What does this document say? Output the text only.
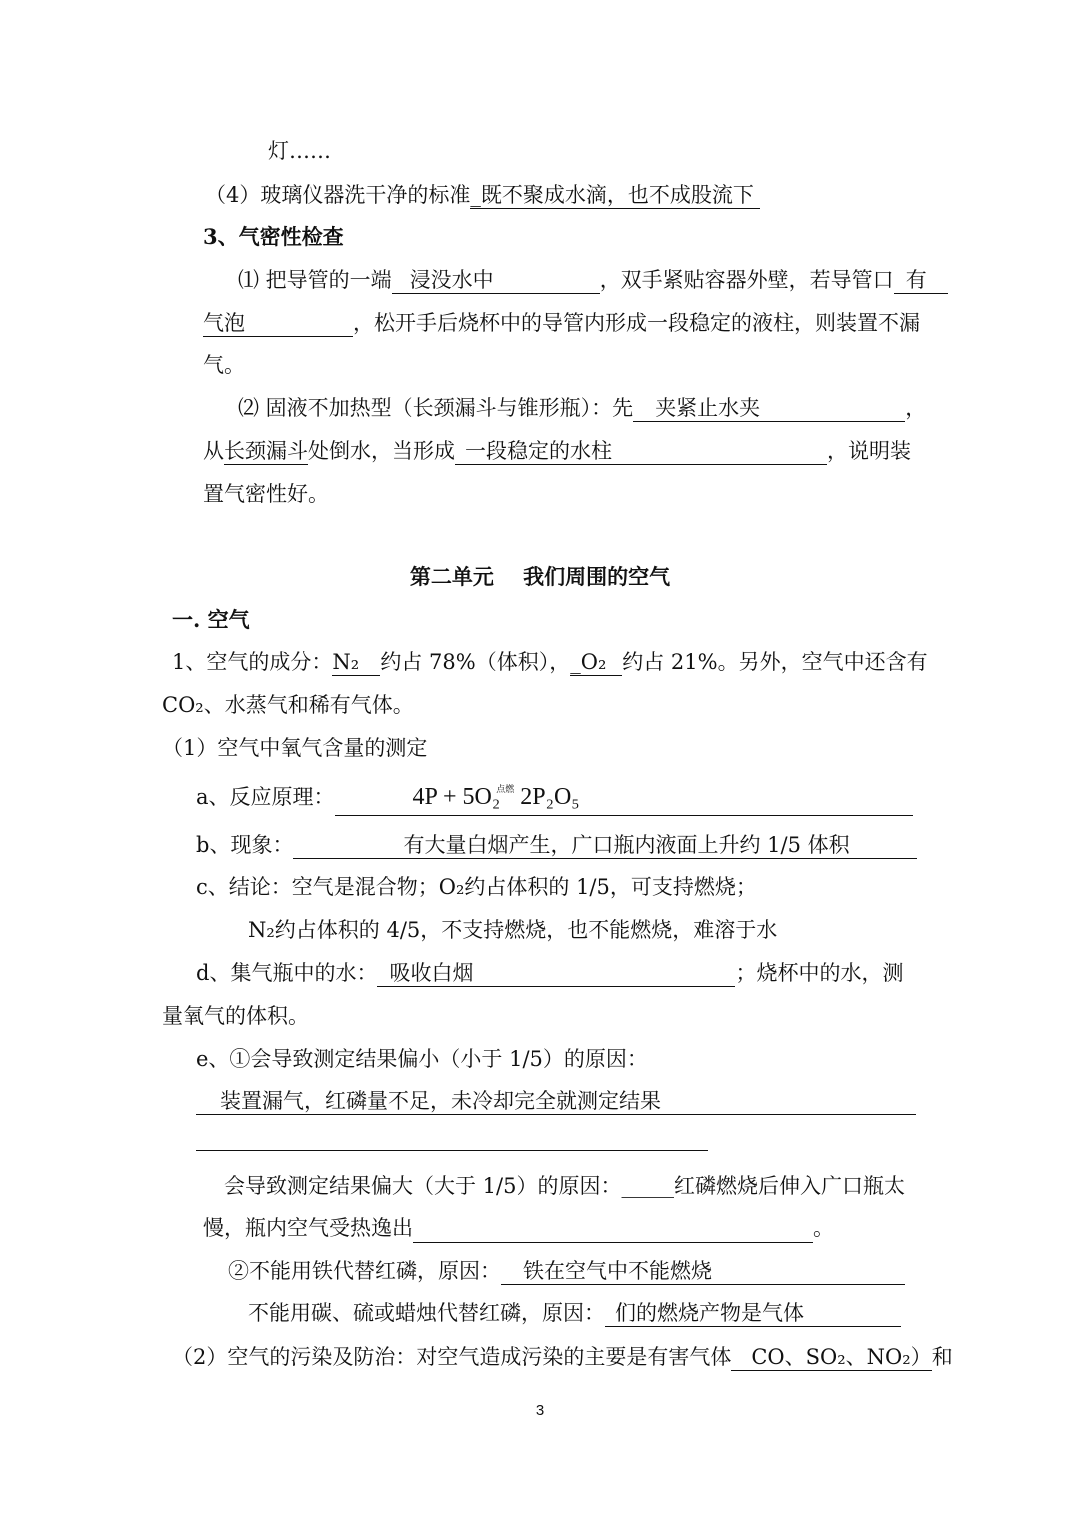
灯……
（4）玻璃仪器洗干净的标准_既不聚成水滴，也不成股流下
3、气密性检查
⑴ 把导管的一端 浸没水中	，双手紧贴容器外壁，若导管口 有
气泡	，松开手后烧杯中的导管内形成一段稳定的液柱，则装置不漏
气。
⑵ 固液不加热型（长颈漏斗与锥形瓶）：先 夹紧止水夹	，
从长颈漏斗处倒水，当形成 一段稳定的水柱	，说明装
置气密性好。
第二单元    我们周围的空气
一. 空气
1、空气的成分：N₂ 约占 78%（体积），_O₂ 约占 21%。另外，空气中还含有
CO₂、水蒸气和稀有气体。
（1）空气中氧气含量的测定
a、反应原理：	4P + 5O₂$^{点燃}$ 2P₂O₅
b、现象：	有大量白烟产生，广口瓶内液面上升约 1/5 体积
c、结论：空气是混合物；O₂约占体积的 1/5，可支持燃烧；
N₂约占体积的 4/5，不支持燃烧，也不能燃烧，难溶于水
d、集气瓶中的水： 吸收白烟	；烧杯中的水，测
量氧气的体积。
e、①会导致测定结果偏小（小于 1/5）的原因：
装置漏气，红磷量不足，未冷却完全就测定结果
会导致测定结果偏大（大于 1/5）的原因：_____红磷燃烧后伸入广口瓶太
慢，瓶内空气受热逸出	。
②不能用铁代替红磷，原因： 铁在空气中不能燃烧
不能用碳、硫或蜡烛代替红磷，原因： 们的燃烧产物是气体
（2）空气的污染及防治：对空气造成污染的主要是有害气体 CO、SO₂、NO₂）和
3
